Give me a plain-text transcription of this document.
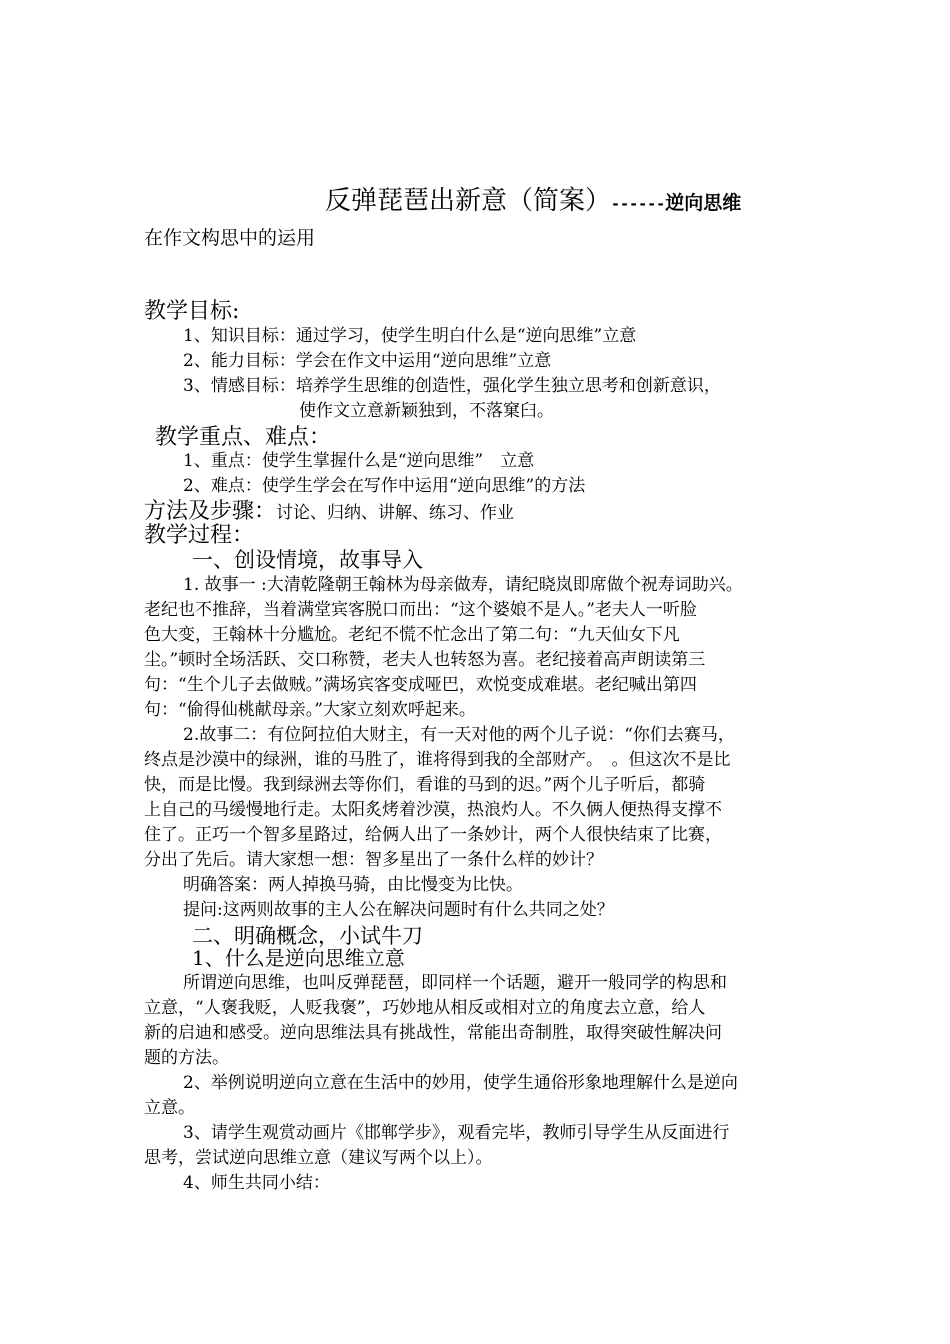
反弹琵琶出新意（简案）------逆向思维
在作文构思中的运用
教学目标:
1、知识目标：通过学习，使学生明白什么是“逆向思维”立意
2、能力目标：学会在作文中运用“逆向思维”立意
3、情感目标：培养学生思维的创造性，强化学生独立思考和创新意识，
使作文立意新颖独到，不落窠臼。
教学重点、难点：
1、重点：使学生掌握什么是“逆向思维”　立意
2、难点：使学生学会在写作中运用“逆向思维”的方法
方法及步骤：讨论、归纳、讲解、练习、作业
教学过程：
一、创设情境，故事导入
1. 故事一 :大清乾隆朝王翰林为母亲做寿，请纪晓岚即席做个祝寿词助兴。
老纪也不推辞，当着满堂宾客脱口而出：“这个婆娘不是人。”老夫人一听脸
色大变，王翰林十分尴尬。老纪不慌不忙念出了第二句：“九天仙女下凡
尘。”顿时全场活跃、交口称赞，老夫人也转怒为喜。老纪接着高声朗读第三
句：“生个儿子去做贼。”满场宾客变成哑巴，欢悦变成难堪。老纪喊出第四
句：“偷得仙桃献母亲。”大家立刻欢呼起来。
2.故事二：有位阿拉伯大财主，有一天对他的两个儿子说：“你们去赛马，
终点是沙漠中的绿洲，谁的马胜了，谁将得到我的全部财产。　。但这次不是比
快，而是比慢。我到绿洲去等你们，看谁的马到的迟。”两个儿子听后，都骑
上自己的马缓慢地行走。太阳炙烤着沙漠，热浪灼人。不久俩人便热得支撑不
住了。正巧一个智多星路过，给俩人出了一条妙计，两个人很快结束了比赛，
分出了先后。请大家想一想：智多星出了一条什么样的妙计？
明确答案：两人掉换马骑，由比慢变为比快。
提问:这两则故事的主人公在解决问题时有什么共同之处？
二、明确概念，小试牛刀
1、什么是逆向思维立意
所谓逆向思维，也叫反弹琵琶，即同样一个话题，避开一般同学的构思和
立意，“人褒我贬，人贬我褒”，巧妙地从相反或相对立的角度去立意，给人
新的启迪和感受。逆向思维法具有挑战性，常能出奇制胜，取得突破性解决问
题的方法。
2、举例说明逆向立意在生活中的妙用，使学生通俗形象地理解什么是逆向
立意。
3、请学生观赏动画片《邯郸学步》，观看完毕，教师引导学生从反面进行
思考，尝试逆向思维立意（建议写两个以上）。
4、师生共同小结：
